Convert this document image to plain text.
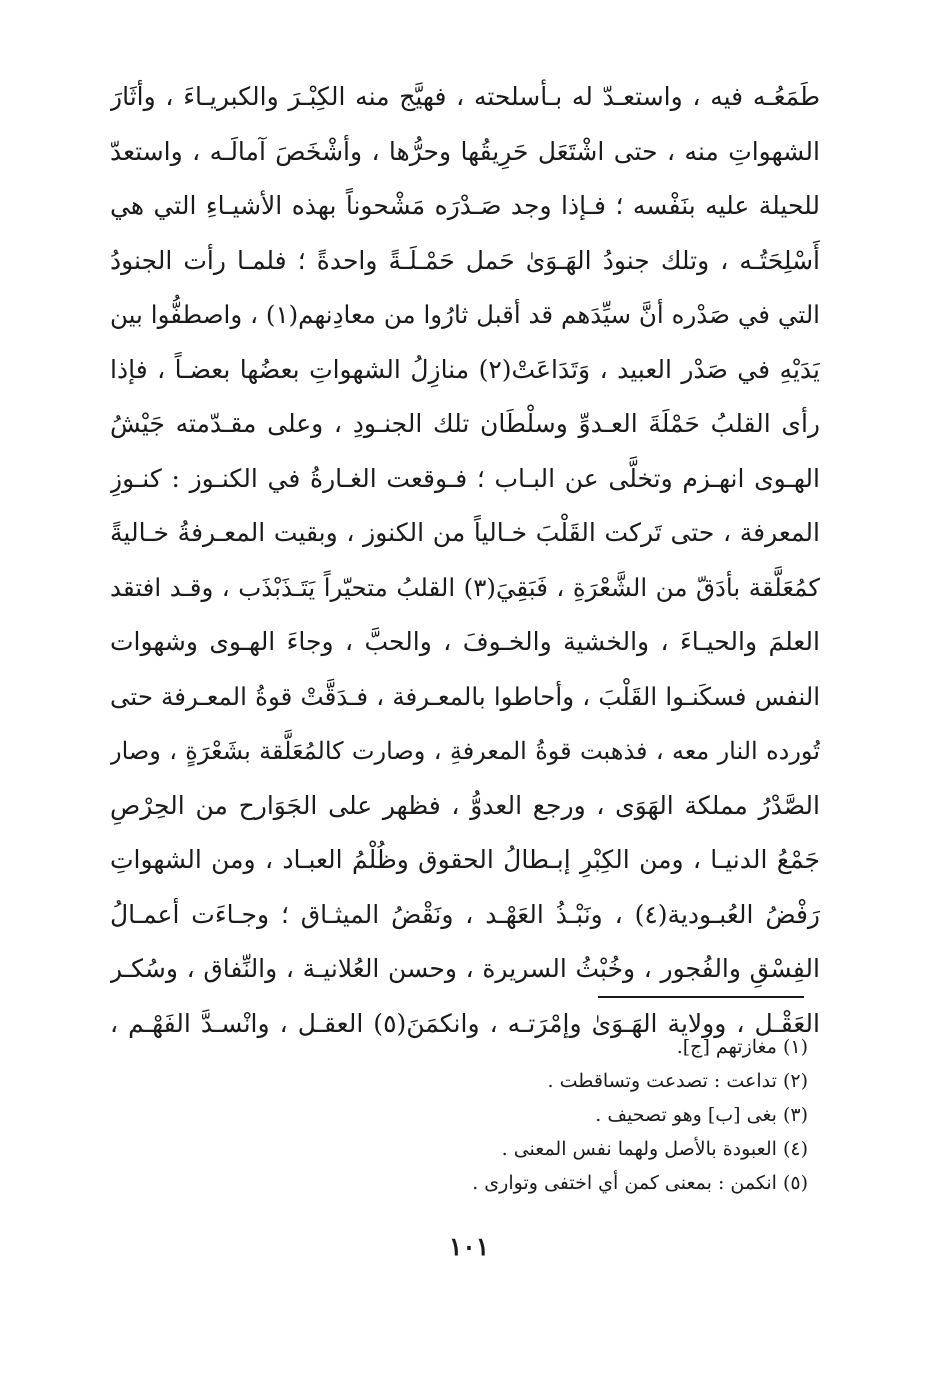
طَمَعُـه فيه ، واستعـدّ له بـأسلحته ، فهيَّج منه الكِبْـرَ والكبريـاءَ ، وأثَارَ
الشهواتِ منه ، حتى اشْتَعَل حَرِيقُها وحرُّها ، وأشْخَصَ آمالَـه ، واستعدّ
للحيلة عليه بنَفْسه ؛ فـإذا وجد صَـدْرَه مَشْحوناً بهذه الأشيـاءِ التي هي
أَسْلِحَتُـه ، وتلك جنودُ الهَـوَىٰ حَمل حَمْـلَـةً واحدةً ؛ فلمـا رأت الجنودُ
التي في صَدْره أنَّ سيِّدَهم قد أقبل ثارُوا من معادِنهم(١) ، واصطفُّوا بين
يَدَيْهِ في صَدْر العبيد ، وَتَدَاعَتْ(٢) منازِلُ الشهواتِ بعضُها بعضـاً ، فإذا
رأى القلبُ حَمْلَةَ العـدوِّ وسلْطَان تلك الجنـودِ ، وعلى مقـدّمته جَيْشُ
الهـوى انهـزم وتخلَّى عن البـاب ؛ فـوقعت الغـارةُ في الكنـوز : كنـوزِ
المعرفة ، حتى تَركت القَلْبَ خـالياً من الكنوز ، وبقيت المعـرفةُ خـاليةً
كمُعَلَّقة بأدَقّ من الشَّعْرَةِ ، فَبَقِيَ(٣) القلبُ متحيّراً يَتَـذَبْذَب ، وقـد افتقد
العلمَ والحيـاءَ ، والخشية والخـوفَ ، والحبَّ ، وجاءَ الهـوى وشهوات
النفس فسكَنـوا القَلْبَ ، وأحاطوا بالمعـرفة ، فـدَقَّتْ قوةُ المعـرفة حتى
تُورده النار معه ، فذهبت قوةُ المعرفةِ ، وصارت كالمُعَلَّقة بشَعْرَةٍ ، وصار
الصَّدْرُ مملكة الهَوَى ، ورجع العدوُّ ، فظهر على الجَوَارح من الحِرْصِ
جَمْعُ الدنيـا ، ومن الكِبْرِ إبـطالُ الحقوق وظُلْمُ العبـاد ، ومن الشهواتِ
رَفْضُ العُبـودية(٤) ، ونَبْـذُ العَهْـد ، ونَقْضُ الميثـاق ؛ وجـاءَت أعمـالُ
الفِسْقِ والفُجور ، وخُبْثُ السريرة ، وحسن العُلانيـة ، والنِّفاق ، وسُكـر
العَقْـل ، وولاية الهَـوَىٰ وإمْرَتـه ، وانكمَنَ(٥) العقـل ، وانْسـدَّ الفَهْـم ،
(١) مغازتهم [ج].
(٢) تداعت : تصدعت وتساقطت .
(٣) بغى [ب] وهو تصحيف .
(٤) العبودة بالأصل ولهما نفس المعنى .
(٥) انكمن : بمعنى كمن أي اختفى وتوارى .
١٠١
